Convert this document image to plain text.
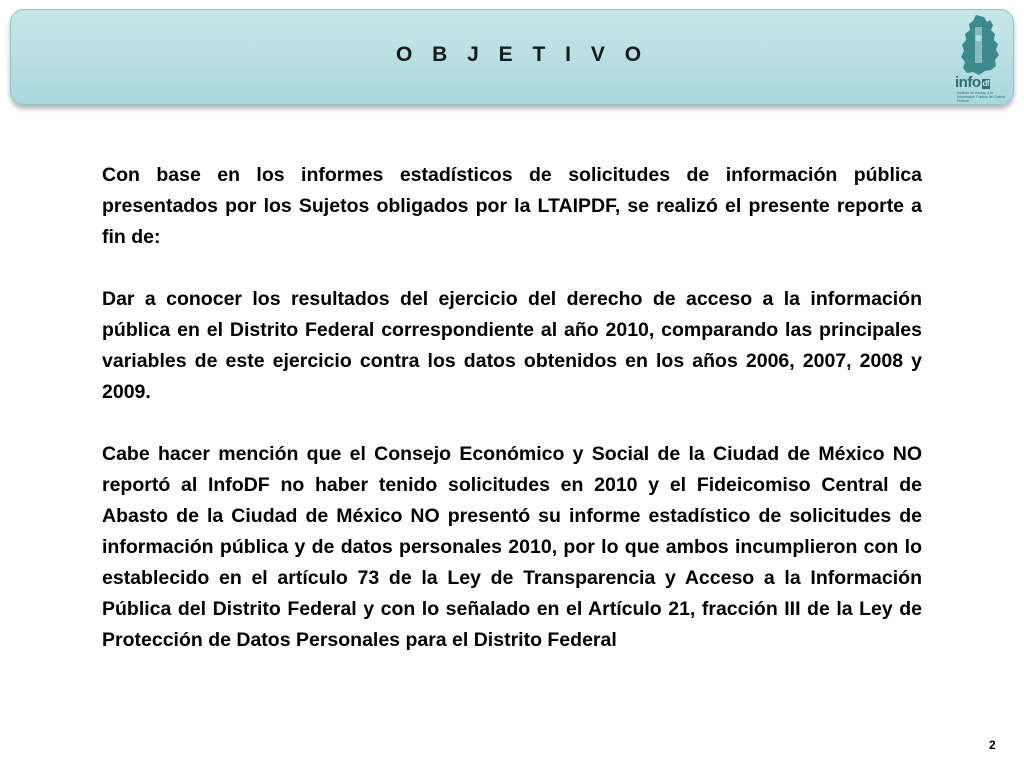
O B J E T I V O
info df
Instituto de Acceso a la Información Pública del Distrito Federal

Con base en los informes estadísticos de solicitudes de información pública presentados por los Sujetos obligados por la LTAIPDF, se realizó el presente reporte a fin de:

Dar a conocer los resultados del ejercicio del derecho de acceso a la información pública en el Distrito Federal correspondiente al año 2010, comparando las principales variables de este ejercicio contra los datos obtenidos en los años 2006, 2007, 2008 y 2009.

Cabe hacer mención que el Consejo Económico y Social de la Ciudad de México NO reportó al InfoDF no haber tenido solicitudes en 2010 y el Fideicomiso Central de Abasto de la Ciudad de México NO presentó su informe estadístico de solicitudes de información pública y de datos personales 2010, por lo que ambos incumplieron con lo establecido en el artículo 73 de la Ley de Transparencia y Acceso a la Información Pública del Distrito Federal y con lo señalado en el Artículo 21, fracción III de la Ley de Protección de Datos Personales para el Distrito Federal

2
